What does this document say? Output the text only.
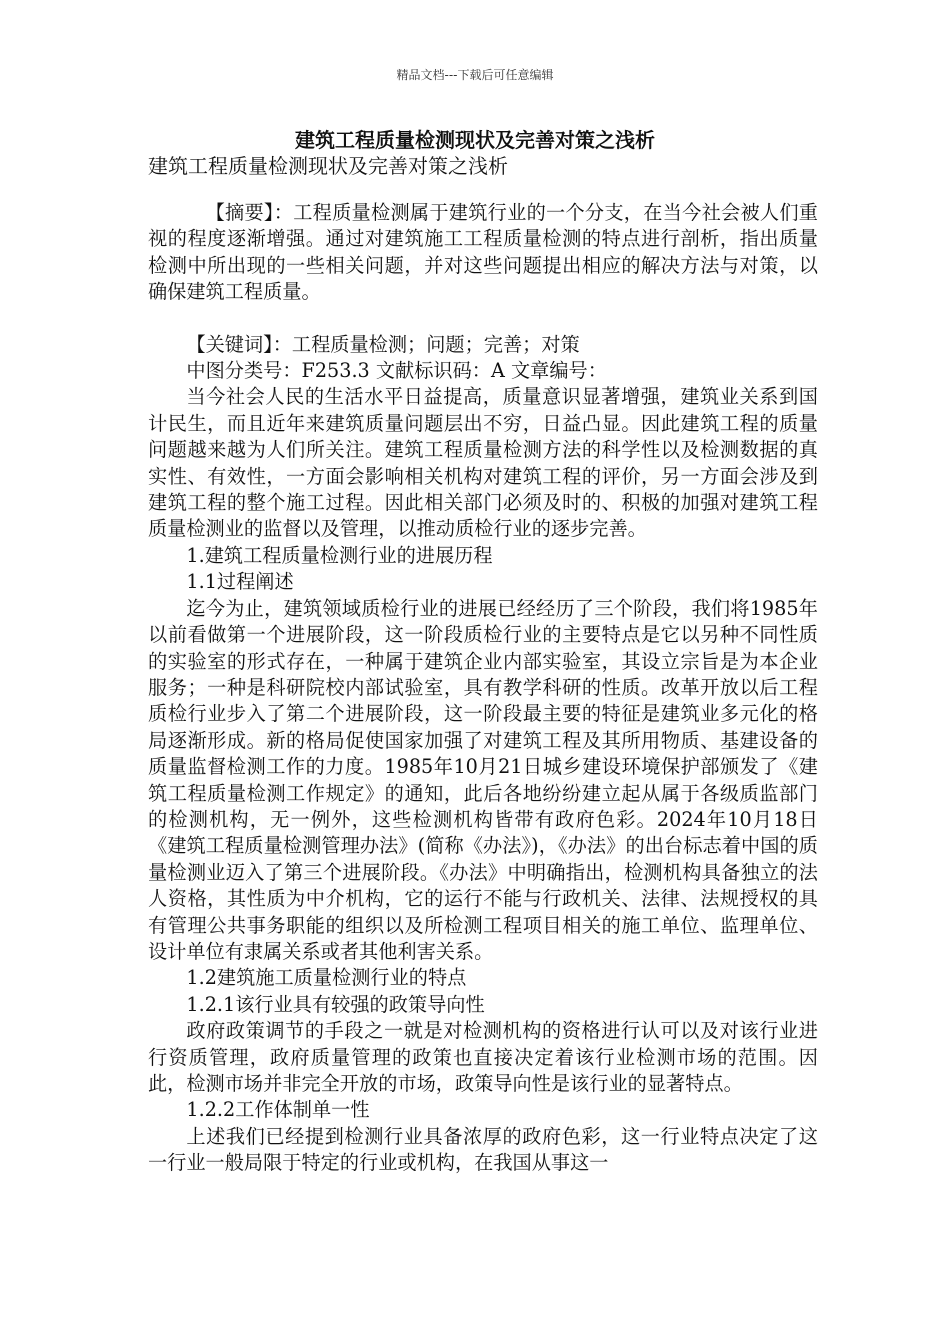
精品文档---下载后可任意编辑
建筑工程质量检测现状及完善对策之浅析
建筑工程质量检测现状及完善对策之浅析

【摘要】：工程质量检测属于建筑行业的一个分支，在当今社会被人们重视的程度逐渐增强。通过对建筑施工工程质量检测的特点进行剖析，指出质量检测中所出现的一些相关问题，并对这些问题提出相应的解决方法与对策，以确保建筑工程质量。

【关键词】：工程质量检测；问题；完善；对策

中图分类号：F253.3 文献标识码：A 文章编号：

当今社会人民的生活水平日益提高，质量意识显著增强，建筑业关系到国计民生，而且近年来建筑质量问题层出不穷，日益凸显。因此建筑工程的质量问题越来越为人们所关注。建筑工程质量检测方法的科学性以及检测数据的真实性、有效性，一方面会影响相关机构对建筑工程的评价，另一方面会涉及到建筑工程的整个施工过程。因此相关部门必须及时的、积极的加强对建筑工程质量检测业的监督以及管理，以推动质检行业的逐步完善。

1.建筑工程质量检测行业的进展历程

1.1过程阐述

迄今为止，建筑领域质检行业的进展已经经历了三个阶段，我们将1985年以前看做第一个进展阶段，这一阶段质检行业的主要特点是它以另种不同性质的实验室的形式存在，一种属于建筑企业内部实验室，其设立宗旨是为本企业服务；一种是科研院校内部试验室，具有教学科研的性质。改革开放以后工程质检行业步入了第二个进展阶段，这一阶段最主要的特征是建筑业多元化的格局逐渐形成。新的格局促使国家加强了对建筑工程及其所用物质、基建设备的质量监督检测工作的力度。1985年10月21日城乡建设环境保护部颁发了《建筑工程质量检测工作规定》的通知，此后各地纷纷建立起从属于各级质监部门的检测机构，无一例外，这些检测机构皆带有政府色彩。2024年10月18日《建筑工程质量检测管理办法》(简称《办法》)，《办法》的出台标志着中国的质量检测业迈入了第三个进展阶段。《办法》中明确指出，检测机构具备独立的法人资格，其性质为中介机构，它的运行不能与行政机关、法律、法规授权的具有管理公共事务职能的组织以及所检测工程项目相关的施工单位、监理单位、设计单位有隶属关系或者其他利害关系。

1.2建筑施工质量检测行业的特点

1.2.1该行业具有较强的政策导向性

政府政策调节的手段之一就是对检测机构的资格进行认可以及对该行业进行资质管理，政府质量管理的政策也直接决定着该行业检测市场的范围。因此，检测市场并非完全开放的市场，政策导向性是该行业的显著特点。

1.2.2工作体制单一性

上述我们已经提到检测行业具备浓厚的政府色彩，这一行业特点决定了这一行业一般局限于特定的行业或机构，在我国从事这一
